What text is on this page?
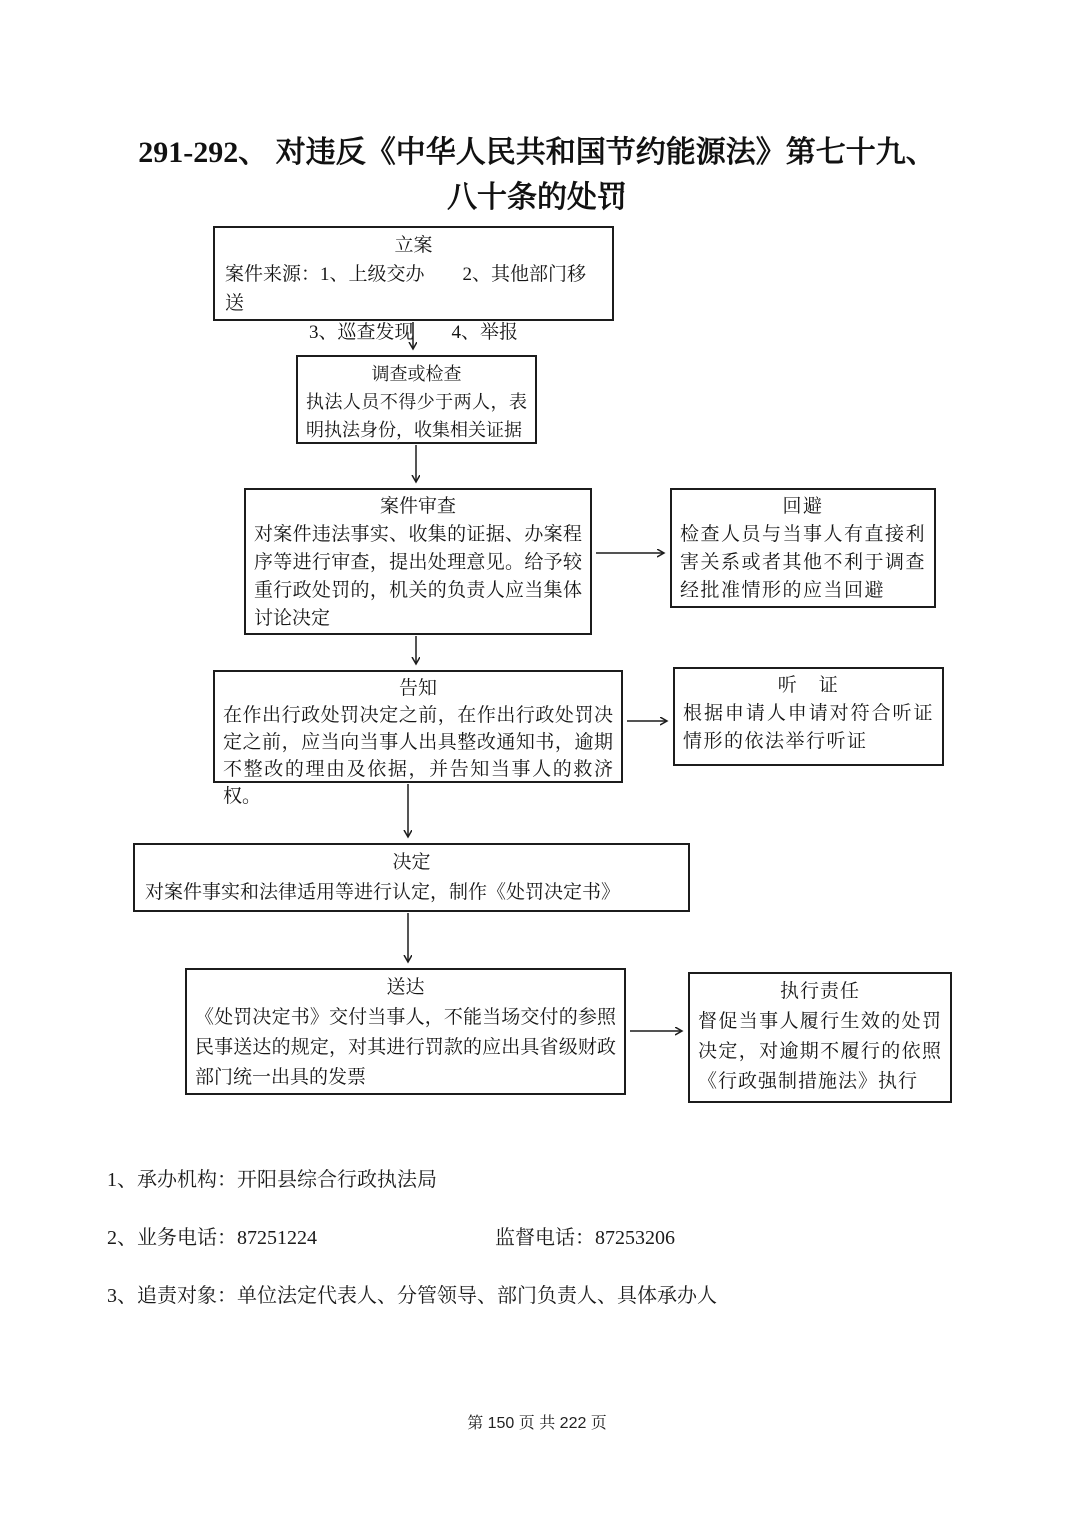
291-292、 对违反《中华人民共和国节约能源法》第七十九、
八十条的处罚
立案
案件来源：1、上级交办　　2、其他部门移送
3、巡查发现　　4、举报
调查或检查
执法人员不得少于两人，表明执法身份，收集相关证据
案件审查
对案件违法事实、收集的证据、办案程序等进行审查，提出处理意见。给予较重行政处罚的，机关的负责人应当集体讨论决定
回避
检查人员与当事人有直接利害关系或者其他不利于调查经批准情形的应当回避
告知
在作出行政处罚决定之前，在作出行政处罚决定之前，应当向当事人出具整改通知书，逾期不整改的理由及依据，并告知当事人的救济权。
听　证
根据申请人申请对符合听证情形的依法举行听证
决定
对案件事实和法律适用等进行认定，制作《处罚决定书》
送达
《处罚决定书》交付当事人，不能当场交付的参照民事送达的规定，对其进行罚款的应出具省级财政部门统一出具的发票
执行责任
督促当事人履行生效的处罚决定，对逾期不履行的依照《行政强制措施法》执行

1、承办机构：开阳县综合行政执法局

2、业务电话：87251224	监督电话：87253206

3、追责对象：单位法定代表人、分管领导、部门负责人、具体承办人

第 150 页 共 222 页
